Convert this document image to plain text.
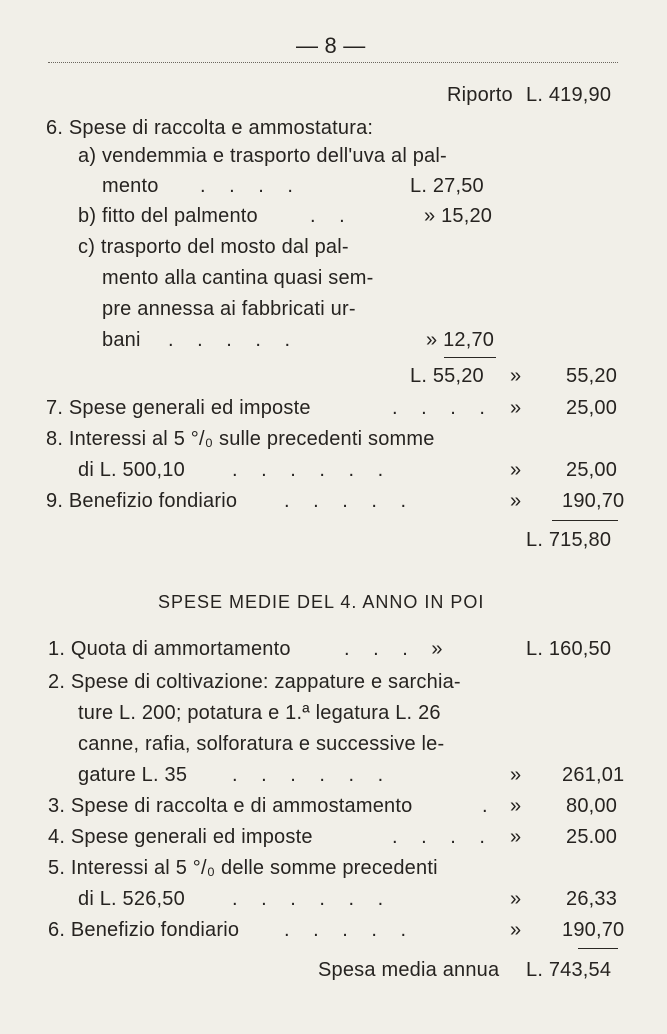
— 8 —
Riporto L. 419,90
6. Spese di raccolta e ammostatura:
a) vendemmia e trasporto dell'uva al pal-
mento . . . .	L. 27,50
b) fitto del palmento	. .	» 15,20
c) trasporto del mosto dal pal-
mento alla cantina quasi sem-
pre annessa ai fabbricati ur-
bani . . . . .	» 12,70
L. 55,20 » 55,20
7. Spese generali ed imposte	. . . . » 25,00
8. Interessi al 5 °/₀ sulle precedenti somme
di L. 500,10 . . . . . .	» 25,00
9. Benefizio fondiario . . . . .	» 190,70
L. 715,80
SPESE MEDIE DEL 4. ANNO IN POI
1. Quota di ammortamento	. . . »	L. 160,50
2. Spese di coltivazione: zappature e sarchia-
ture L. 200; potatura e 1.ª legatura L. 26
canne, rafia, solforatura e successive le-
gature L. 35 . . . . . .	» 261,01
3. Spese di raccolta e di ammostamento	. » 80,00
4. Spese generali ed imposte	. . . . » 25.00
5. Interessi al 5 °/₀ delle somme precedenti
di L. 526,50 . . . . . .	» 26,33
6. Benefizio fondiario . . . . .	» 190,70
Spesa media annua L. 743,54
